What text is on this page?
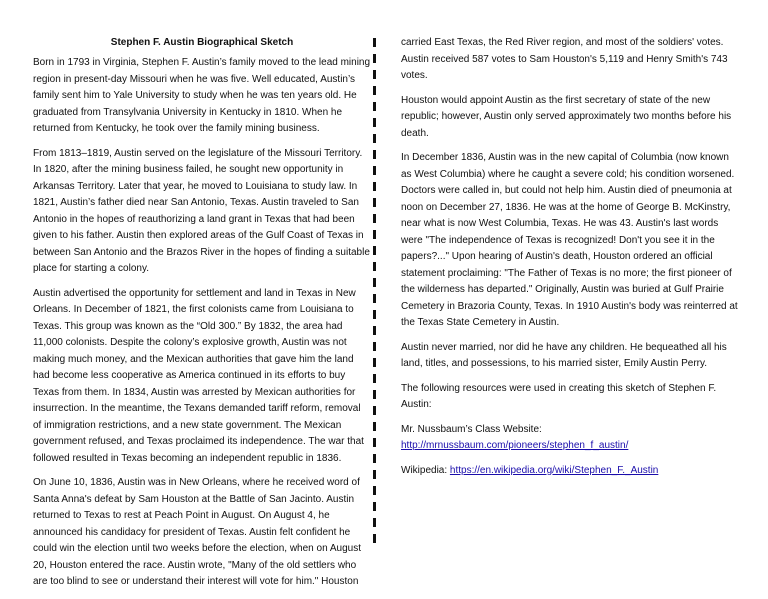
Stephen F. Austin Biographical Sketch

Born in 1793 in Virginia, Stephen F. Austin’s family moved to the lead mining region in present-day Missouri when he was five. Well educated, Austin’s family sent him to Yale University to study when he was ten years old. He graduated from Transylvania University in Kentucky in 1810. When he returned from Kentucky, he took over the family mining business.

From 1813–1819, Austin served on the legislature of the Missouri Territory. In 1820, after the mining business failed, he sought new opportunity in Arkansas Territory. Later that year, he moved to Louisiana to study law. In 1821, Austin’s father died near San Antonio, Texas. Austin traveled to San Antonio in the hopes of reauthorizing a land grant in Texas that had been given to his father. Austin then explored areas of the Gulf Coast of Texas in between San Antonio and the Brazos River in the hopes of finding a suitable place for starting a colony.

Austin advertised the opportunity for settlement and land in Texas in New Orleans. In December of 1821, the first colonists came from Louisiana to Texas. This group was known as the “Old 300.” By 1832, the area had 11,000 colonists. Despite the colony’s explosive growth, Austin was not making much money, and the Mexican authorities that gave him the land had become less cooperative as America continued in its efforts to buy Texas from them. In 1834, Austin was arrested by Mexican authorities for insurrection. In the meantime, the Texans demanded tariff reform, removal of immigration restrictions, and a new state government. The Mexican government refused, and Texas proclaimed its independence. The war that followed resulted in Texas becoming an independent republic in 1836.

On June 10, 1836, Austin was in New Orleans, where he received word of Santa Anna's defeat by Sam Houston at the Battle of San Jacinto. Austin returned to Texas to rest at Peach Point in August. On August 4, he announced his candidacy for president of Texas. Austin felt confident he could win the election until two weeks before the election, when on August 20, Houston entered the race. Austin wrote, "Many of the old settlers who are too blind to see or understand their interest will vote for him." Houston

carried East Texas, the Red River region, and most of the soldiers' votes. Austin received 587 votes to Sam Houston's 5,119 and Henry Smith's 743 votes.

Houston would appoint Austin as the first secretary of state of the new republic; however, Austin only served approximately two months before his death.

In December 1836, Austin was in the new capital of Columbia (now known as West Columbia) where he caught a severe cold; his condition worsened. Doctors were called in, but could not help him. Austin died of pneumonia at noon on December 27, 1836. He was at the home of George B. McKinstry, near what is now West Columbia, Texas. He was 43. Austin's last words were "The independence of Texas is recognized! Don't you see it in the papers?..." Upon hearing of Austin's death, Houston ordered an official statement proclaiming: "The Father of Texas is no more; the first pioneer of the wilderness has departed." Originally, Austin was buried at Gulf Prairie Cemetery in Brazoria County, Texas. In 1910 Austin's body was reinterred at the Texas State Cemetery in Austin.

Austin never married, nor did he have any children. He bequeathed all his land, titles, and possessions, to his married sister, Emily Austin Perry.

The following resources were used in creating this sketch of Stephen F. Austin:

Mr. Nussbaum’s Class Website:
http://mrnussbaum.com/pioneers/stephen_f_austin/

Wikipedia: https://en.wikipedia.org/wiki/Stephen_F._Austin
